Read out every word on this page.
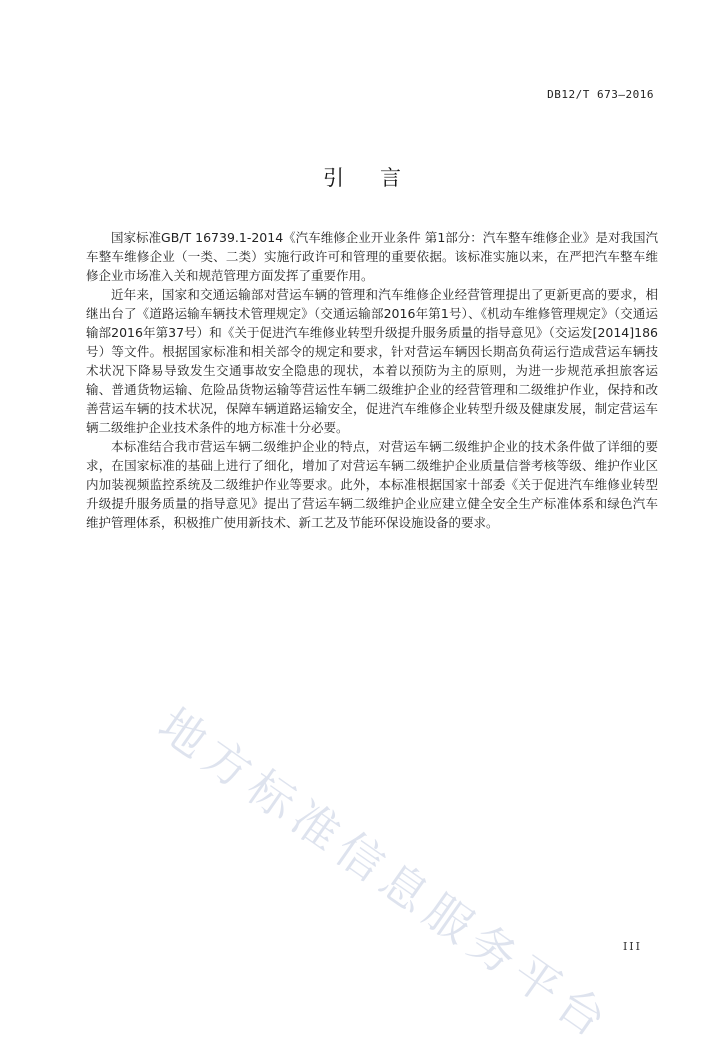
DB12/T 673—2016
引言

国家标准GB/T 16739.1-2014《汽车维修企业开业条件 第1部分：汽车整车维修企业》是对我国汽车整车维修企业（一类、二类）实施行政许可和管理的重要依据。该标准实施以来，在严把汽车整车维修企业市场准入关和规范管理方面发挥了重要作用。

近年来，国家和交通运输部对营运车辆的管理和汽车维修企业经营管理提出了更新更高的要求，相继出台了《道路运输车辆技术管理规定》（交通运输部2016年第1号）、《机动车维修管理规定》（交通运输部2016年第37号）和《关于促进汽车维修业转型升级提升服务质量的指导意见》（交运发[2014]186号）等文件。根据国家标准和相关部令的规定和要求，针对营运车辆因长期高负荷运行造成营运车辆技术状况下降易导致发生交通事故安全隐患的现状，本着以预防为主的原则，为进一步规范承担旅客运输、普通货物运输、危险品货物运输等营运性车辆二级维护企业的经营管理和二级维护作业，保持和改善营运车辆的技术状况，保障车辆道路运输安全，促进汽车维修企业转型升级及健康发展，制定营运车辆二级维护企业技术条件的地方标准十分必要。

本标准结合我市营运车辆二级维护企业的特点，对营运车辆二级维护企业的技术条件做了详细的要求，在国家标准的基础上进行了细化，增加了对营运车辆二级维护企业质量信誉考核等级、维护作业区内加装视频监控系统及二级维护作业等要求。此外，本标准根据国家十部委《关于促进汽车维修业转型升级提升服务质量的指导意见》提出了营运车辆二级维护企业应建立健全安全生产标准体系和绿色汽车维护管理体系，积极推广使用新技术、新工艺及节能环保设施设备的要求。

地方标准信息服务平台 III
